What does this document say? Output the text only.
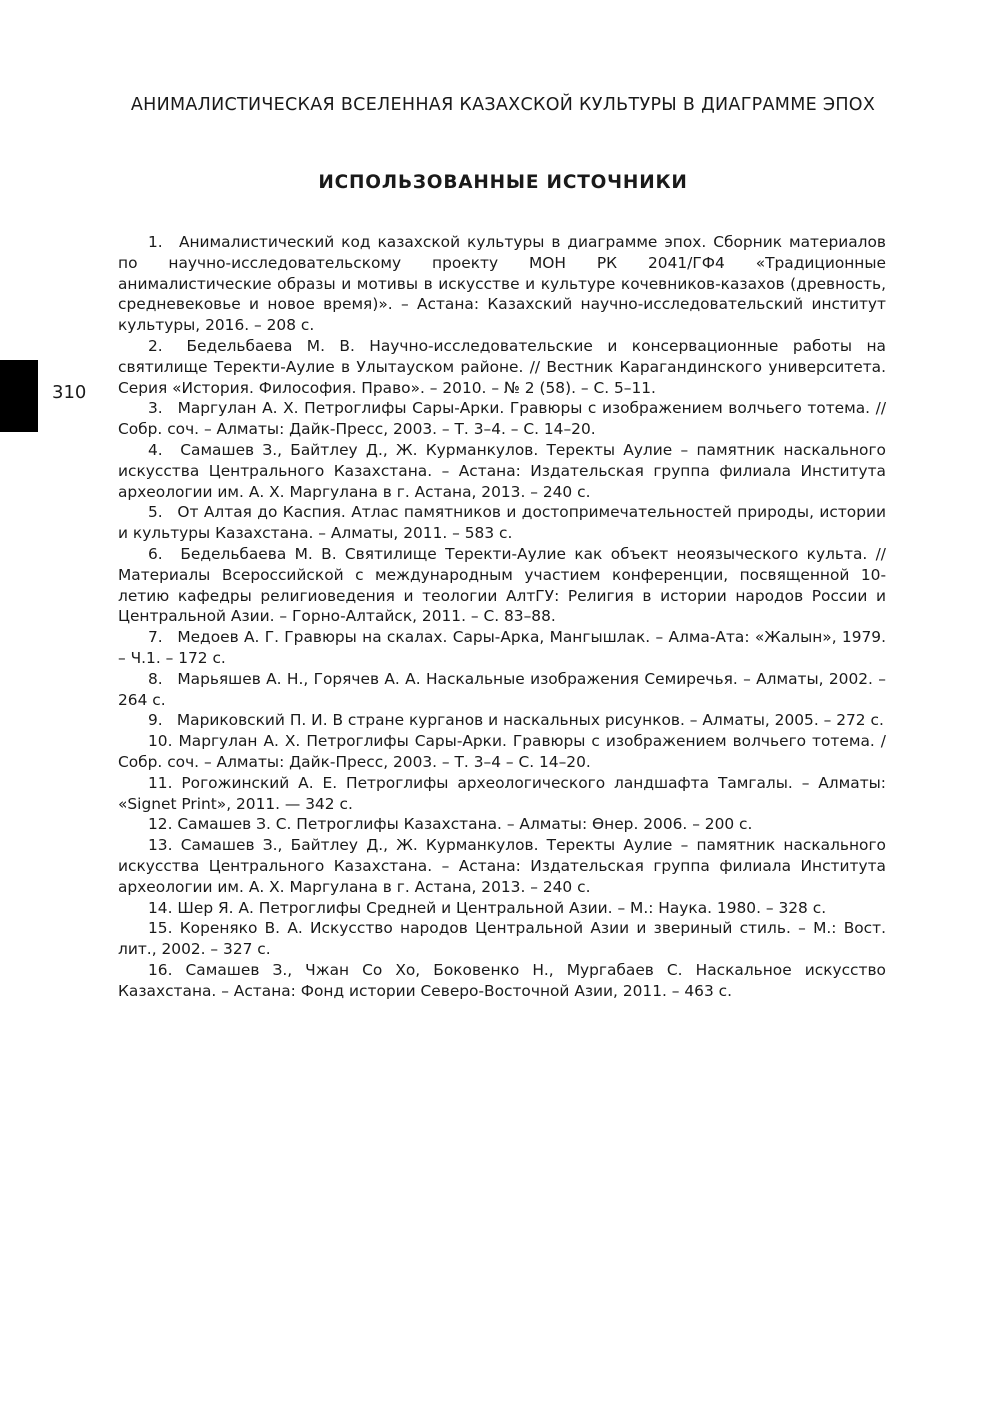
АНИМАЛИСТИЧЕСКАЯ ВСЕЛЕННАЯ КАЗАХСКОЙ КУЛЬТУРЫ В ДИАГРАММЕ ЭПОХ
310
ИСПОЛЬЗОВАННЫЕ ИСТОЧНИКИ
1. Анималистический код казахской культуры в диаграмме эпох. Сборник материалов по научно-исследовательскому проекту МОН РК 2041/ГФ4 «Традиционные анималистические образы и мотивы в искусстве и культуре кочевников-казахов (древность, средневековье и новое время)». – Астана: Казахский научно-исследовательский институт культуры, 2016. – 208 с.
2. Бедельбаева М. В. Научно-исследовательские и консервационные работы на святилище Теректи-Аулие в Улытауском районе. // Вестник Карагандинского университета. Серия «История. Философия. Право». – 2010. – № 2 (58). – С. 5–11.
3. Маргулан А. Х. Петроглифы Сары-Арки. Гравюры с изображением волчьего тотема. // Собр. соч. – Алматы: Дайк-Пресс, 2003. – Т. 3–4. – С. 14–20.
4. Самашев З., Байтлеу Д., Ж. Курманкулов. Теректы Аулие – памятник наскального искусства Центрального Казахстана. – Астана: Издательская группа филиала Института археологии им. А. Х. Маргулана в г. Астана, 2013. – 240 с.
5. От Алтая до Каспия. Атлас памятников и достопримечательностей природы, истории и культуры Казахстана. – Алматы, 2011. – 583 с.
6. Бедельбаева М. В. Святилище Теректи-Аулие как объект неоязыческого культа. // Материалы Всероссийской с международным участием конференции, посвященной 10-летию кафедры религиоведения и теологии АлтГУ: Религия в истории народов России и Центральной Азии. – Горно-Алтайск, 2011. – С. 83–88.
7. Медоев А. Г. Гравюры на скалах. Сары-Арка, Мангышлак. – Алма-Ата: «Жалын», 1979. – Ч.1. – 172 с.
8. Марьяшев А. Н., Горячев А. А. Наскальные изображения Семиречья. – Алматы, 2002. – 264 с.
9. Мариковский П. И. В стране курганов и наскальных рисунков. – Алматы, 2005. – 272 с.
10. Маргулан А. Х. Петроглифы Сары-Арки. Гравюры с изображением волчьего тотема. / Собр. соч. – Алматы: Дайк-Пресс, 2003. – Т. 3–4 – С. 14–20.
11. Рогожинский А. Е. Петроглифы археологического ландшафта Тамгалы. – Алматы: «Signet Print», 2011. — 342 с.
12. Самашев З. С. Петроглифы Казахстана. – Алматы: Өнер. 2006. – 200 с.
13. Самашев З., Байтлеу Д., Ж. Курманкулов. Теректы Аулие – памятник наскального искусства Центрального Казахстана. – Астана: Издательская группа филиала Института археологии им. А. Х. Маргулана в г. Астана, 2013. – 240 с.
14. Шер Я. А. Петроглифы Средней и Центральной Азии. – М.: Наука. 1980. – 328 с.
15. Кореняко В. А. Искусство народов Центральной Азии и звериный стиль. – М.: Вост. лит., 2002. – 327 с.
16. Самашев З., Чжан Со Хо, Боковенко Н., Мургабаев С. Наскальное искусство Казахстана. – Астана: Фонд истории Северо-Восточной Азии, 2011. – 463 с.
